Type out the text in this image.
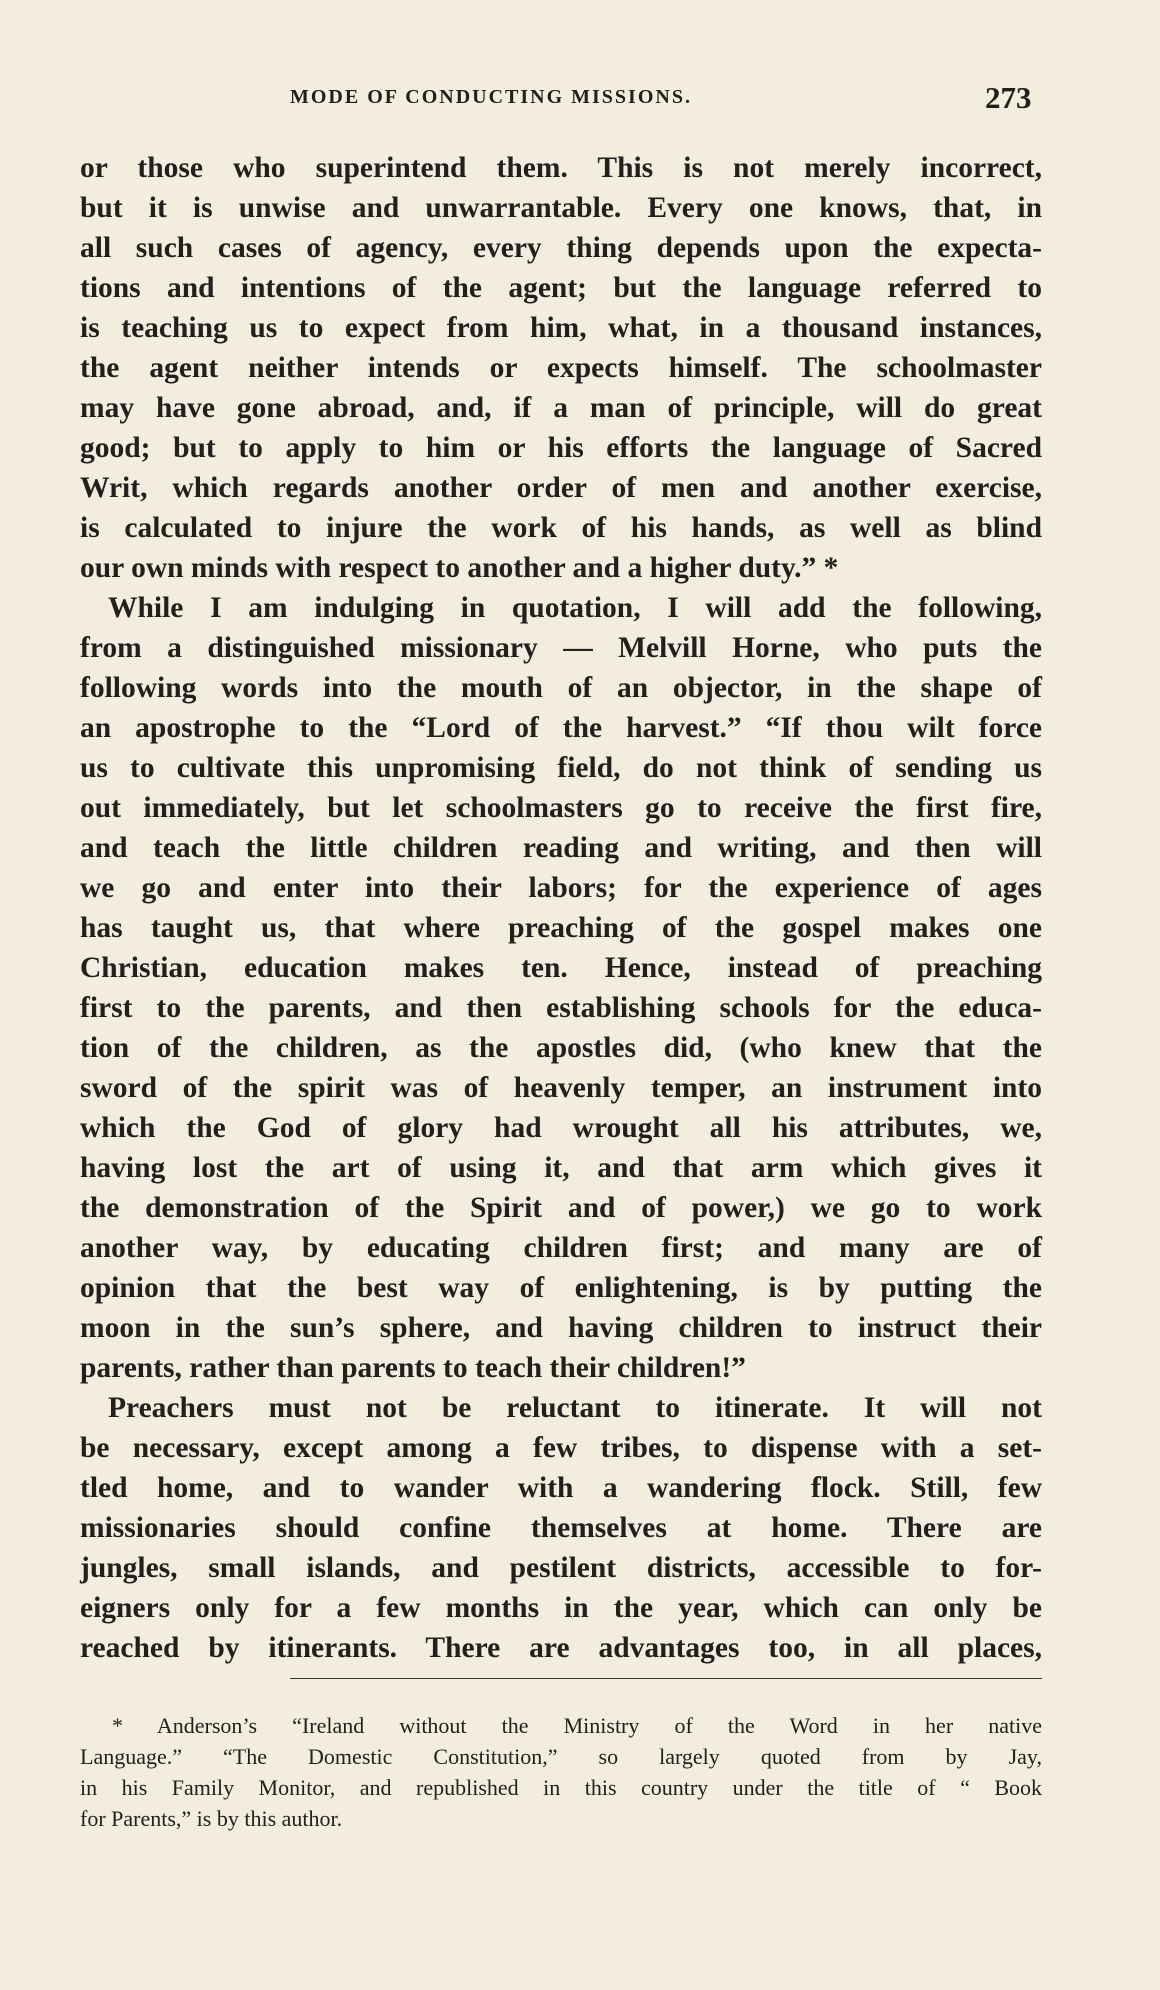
MODE OF CONDUCTING MISSIONS.	273
or those who superintend them. This is not merely incorrect,
but it is unwise and unwarrantable. Every one knows, that, in
all such cases of agency, every thing depends upon the expecta-
tions and intentions of the agent; but the language referred to
is teaching us to expect from him, what, in a thousand instances,
the agent neither intends or expects himself. The schoolmaster
may have gone abroad, and, if a man of principle, will do great
good; but to apply to him or his efforts the language of Sacred
Writ, which regards another order of men and another exercise,
is calculated to injure the work of his hands, as well as blind
our own minds with respect to another and a higher duty.” *
While I am indulging in quotation, I will add the following,
from a distinguished missionary — Melvill Horne, who puts the
following words into the mouth of an objector, in the shape of
an apostrophe to the “Lord of the harvest.” “If thou wilt force
us to cultivate this unpromising field, do not think of sending us
out immediately, but let schoolmasters go to receive the first fire,
and teach the little children reading and writing, and then will
we go and enter into their labors; for the experience of ages
has taught us, that where preaching of the gospel makes one
Christian, education makes ten. Hence, instead of preaching
first to the parents, and then establishing schools for the educa-
tion of the children, as the apostles did, (who knew that the
sword of the spirit was of heavenly temper, an instrument into
which the God of glory had wrought all his attributes, we,
having lost the art of using it, and that arm which gives it
the demonstration of the Spirit and of power,) we go to work
another way, by educating children first; and many are of
opinion that the best way of enlightening, is by putting the
moon in the sun’s sphere, and having children to instruct their
parents, rather than parents to teach their children!”
Preachers must not be reluctant to itinerate. It will not
be necessary, except among a few tribes, to dispense with a set-
tled home, and to wander with a wandering flock. Still, few
missionaries should confine themselves at home. There are
jungles, small islands, and pestilent districts, accessible to for-
eigners only for a few months in the year, which can only be
reached by itinerants. There are advantages too, in all places,
* Anderson’s “Ireland without the Ministry of the Word in her native
Language.” “The Domestic Constitution,” so largely quoted from by Jay,
in his Family Monitor, and republished in this country under the title of “ Book
for Parents,” is by this author.
